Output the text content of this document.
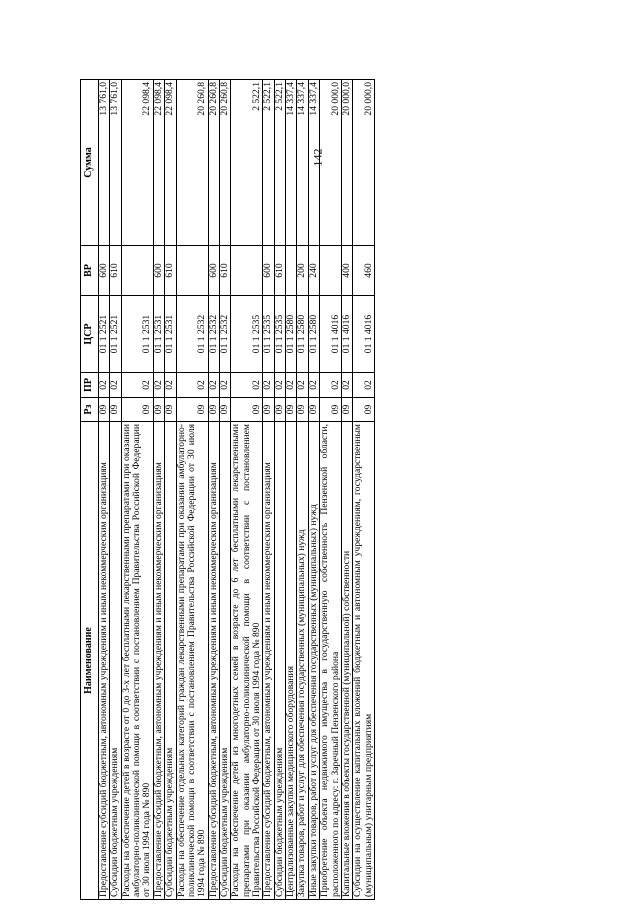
142
Наименование	Рз	ПР	ЦСР	ВР	Сумма
Предоставление субсидий бюджетным, автономным учреждениям и иным некоммерческим организациям	09	02	01 1 2521	600	13 761,0
Субсидии бюджетным учреждениям	09	02	01 1 2521	610	13 761,0
Расходы на обеспечение детей в возрасте от 0 до 3-х лет бесплатными лекарственными препаратами при оказании амбулаторно-поликлинической помощи в соответствии с постановлением Правительства Российской Федерации от 30 июля 1994 года № 890	09	02	01 1 2531		22 098,4
Предоставление субсидий бюджетным, автономным учреждениям и иным некоммерческим организациям	09	02	01 1 2531	600	22 098,4
Субсидии бюджетным учреждениям	09	02	01 1 2531	610	22 098,4
Расходы на обеспечение отдельных категорий граждан лекарственными препаратами при оказании амбулаторно-поликлинической помощи в соответствии с постановлением Правительства Российской Федерации от 30 июля 1994 года № 890	09	02	01 1 2532		20 260,8
Предоставление субсидий бюджетным, автономным учреждениям и иным некоммерческим организациям	09	02	01 1 2532	600	20 260,8
Субсидии бюджетным учреждениям	09	02	01 1 2532	610	20 260,8
Расходы на обеспечение детей из многодетных семей в возрасте до 6 лет бесплатными лекарственными препаратами при оказании амбулаторно-поликлинической помощи в соответствии с постановлением Правительства Российской Федерации от 30 июля 1994 года № 890	09	02	01 1 2535		2 522,1
Предоставление субсидий бюджетным, автономным учреждениям и иным некоммерческим организациям	09	02	01 1 2535	600	2 522,1
Субсидии бюджетным учреждениям	09	02	01 1 2535	610	2 522,1
Централизованные закупки медицинского оборудования	09	02	01 1 2580		14 337,4
Закупка товаров, работ и услуг для обеспечения государственных (муниципальных) нужд	09	02	01 1 2580	200	14 337,4
Иные закупки товаров, работ и услуг для обеспечения государственных (муниципальных) нужд	09	02	01 1 2580	240	14 337,4
Приобретение объекта недвижимого имущества в государственную собственность Пензенской области, расположенного по адресу: г. Заречный Пензенского района	09	02	01 1 4016		20 000,0
Капитальные вложения в объекты государственной (муниципальной) собственности	09	02	01 1 4016	400	20 000,0
Субсидии на осуществление капитальных вложений бюджетным и автономным учреждениям, государственным (муниципальным) унитарным предприятиям	09	02	01 1 4016	460	20 000,0
